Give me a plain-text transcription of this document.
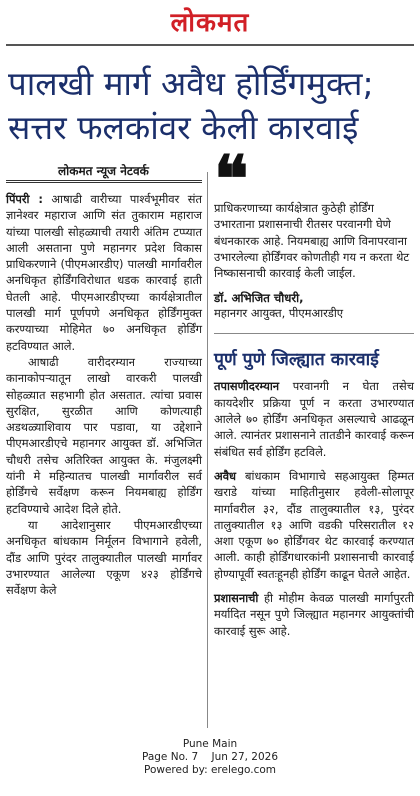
लोकमत
पालखी मार्ग अवैध होर्डिंगमुक्त;
सत्तर फलकांवर केली कारवाई
लोकमत न्यूज नेटवर्क

पिंपरी : आषाढी वारीच्या पार्श्वभूमीवर संत ज्ञानेश्वर महाराज आणि संत तुकाराम महाराज यांच्या पालखी सोहळ्याची तयारी अंतिम टप्प्यात आली असताना पुणे महानगर प्रदेश विकास प्राधिकरणाने (पीएमआरडीए) पालखी मार्गावरील अनधिकृत होर्डिंगविरोधात धडक कारवाई हाती घेतली आहे. पीएमआरडीएच्या कार्यक्षेत्रातील पालखी मार्ग पूर्णपणे अनधिकृत होर्डिंगमुक्त करण्याच्या मोहिमेत ७० अनधिकृत होर्डिंग हटविण्यात आले.

आषाढी वारीदरम्यान राज्याच्या कानाकोपऱ्यातून लाखो वारकरी पालखी सोहळ्यात सहभागी होत असतात. त्यांचा प्रवास सुरक्षित, सुरळीत आणि कोणत्याही अडथळ्याशिवाय पार पडावा, या उद्देशाने पीएमआरडीएचे महानगर आयुक्त डॉ. अभिजित चौधरी तसेच अतिरिक्त आयुक्त के. मंजुलक्ष्मी यांनी मे महिन्यातच पालखी मार्गावरील सर्व होर्डिंगचे सर्वेक्षण करून नियमबाह्य होर्डिंग हटविण्याचे आदेश दिले होते.

या आदेशानुसार पीएमआरडीएच्या अनधिकृत बांधकाम निर्मूलन विभागाने हवेली, दौंड आणि पुरंदर तालुक्यातील पालखी मार्गावर उभारण्यात आलेल्या एकूण ४२३ होर्डिंगचे सर्वेक्षण केले

❝
प्राधिकरणाच्या कार्यक्षेत्रात कुठेही होर्डिंग उभारताना प्रशासनाची रीतसर परवानगी घेणे बंधनकारक आहे. नियमबाह्य आणि विनापरवाना उभारलेल्या होर्डिंगवर कोणतीही गय न करता थेट निष्कासनाची कारवाई केली जाईल.
डॉ. अभिजित चौधरी,
महानगर आयुक्त, पीएमआरडीए
पूर्ण पुणे जिल्ह्यात कारवाई

तपासणीदरम्यान परवानगी न घेता तसेच कायदेशीर प्रक्रिया पूर्ण न करता उभारण्यात आलेले ७० होर्डिंग अनधिकृत असल्याचे आढळून आले. त्यानंतर प्रशासनाने तातडीने कारवाई करून संबंधित सर्व होर्डिंग हटविले.

अवैध बांधकाम विभागाचे सहआयुक्त हिम्मत खराडे यांच्या माहितीनुसार हवेली-सोलापूर मार्गावरील ३२, दौंड तालुक्यातील १३, पुरंदर तालुक्यातील १३ आणि वडकी परिसरातील १२ अशा एकूण ७० होर्डिंगवर थेट कारवाई करण्यात आली. काही होर्डिंगधारकांनी प्रशासनाची कारवाई होण्यापूर्वी स्वतःहूनही होर्डिंग काढून घेतले आहेत.

प्रशासनाची ही मोहीम केवळ पालखी मार्गापुरती मर्यादित नसून पुणे जिल्ह्यात महानगर आयुक्तांची कारवाई सुरू आहे.

Pune Main
Page No. 7 Jun 27, 2026
Powered by: erelego.com
